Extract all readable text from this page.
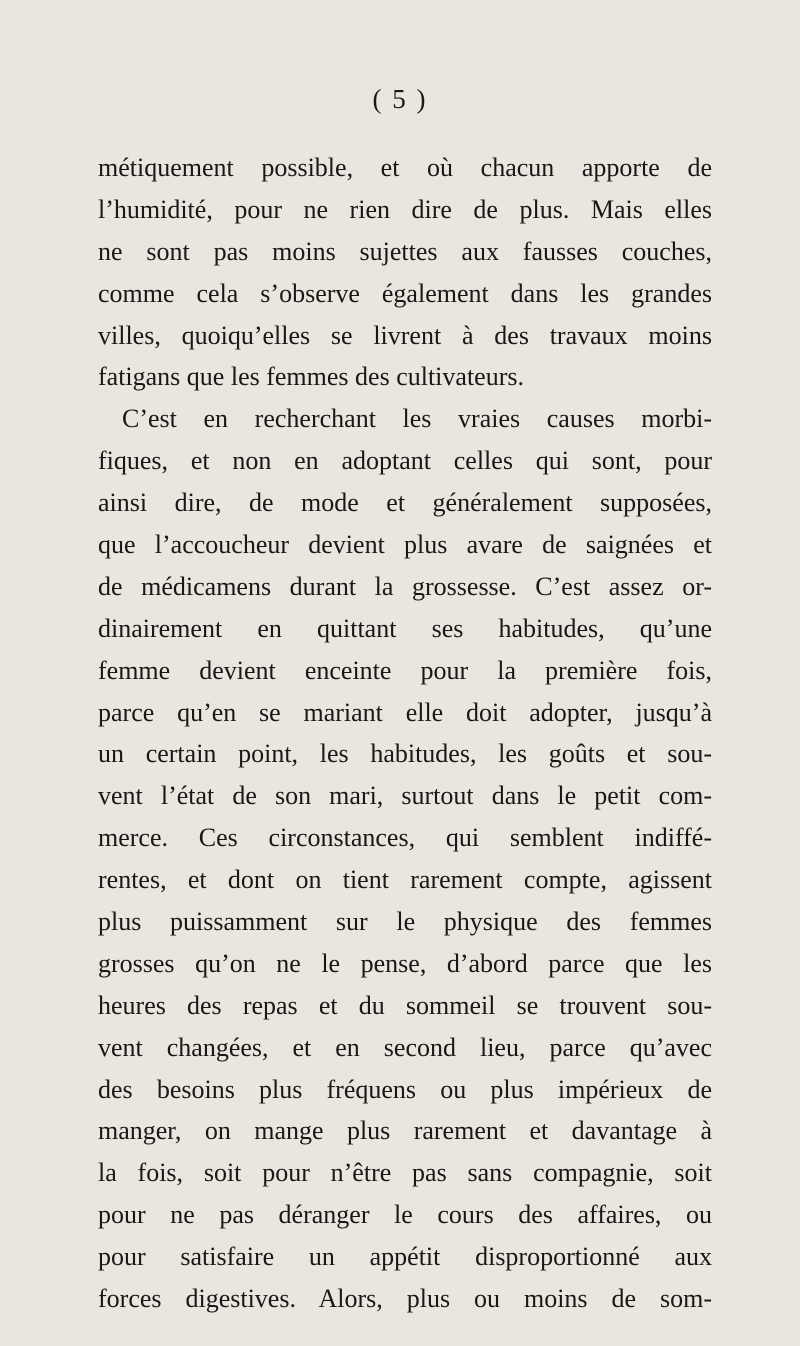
( 5 )
métiquement possible, et où chacun apporte de
l’humidité, pour ne rien dire de plus. Mais elles
ne sont pas moins sujettes aux fausses couches,
comme cela s’observe également dans les grandes
villes, quoiqu’elles se livrent à des travaux moins
fatigans que les femmes des cultivateurs.
C’est en recherchant les vraies causes morbi-
fiques, et non en adoptant celles qui sont, pour
ainsi dire, de mode et généralement supposées,
que l’accoucheur devient plus avare de saignées et
de médicamens durant la grossesse. C’est assez or-
dinairement en quittant ses habitudes, qu’une
femme devient enceinte pour la première fois,
parce qu’en se mariant elle doit adopter, jusqu’à
un certain point, les habitudes, les goûts et sou-
vent l’état de son mari, surtout dans le petit com-
merce. Ces circonstances, qui semblent indiffé-
rentes, et dont on tient rarement compte, agissent
plus puissamment sur le physique des femmes
grosses qu’on ne le pense, d’abord parce que les
heures des repas et du sommeil se trouvent sou-
vent changées, et en second lieu, parce qu’avec
des besoins plus fréquens ou plus impérieux de
manger, on mange plus rarement et davantage à
la fois, soit pour n’être pas sans compagnie, soit
pour ne pas déranger le cours des affaires, ou
pour satisfaire un appétit disproportionné aux
forces digestives. Alors, plus ou moins de som-
